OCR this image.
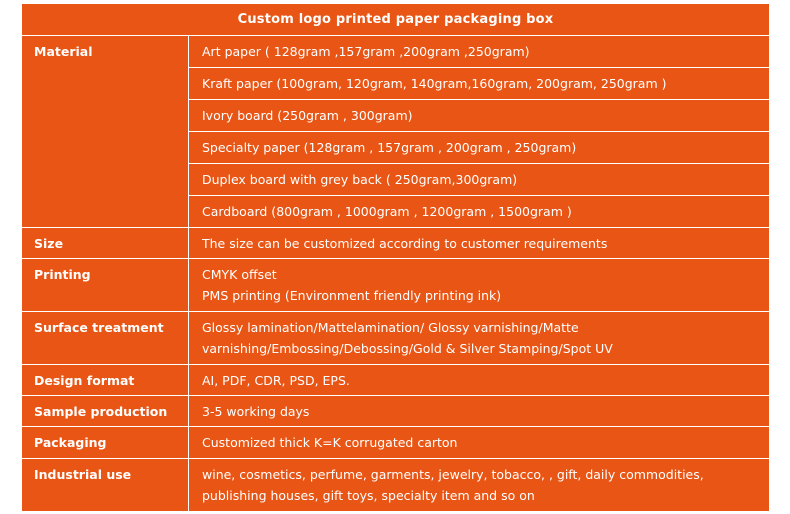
Custom logo printed paper packaging box	
Material	Art paper ( 128gram ,157gram ,200gram ,250gram)

	Kraft paper (100gram, 120gram, 140gram,160gram, 200gram, 250gram )

	Ivory board (250gram , 300gram)

	Specialty paper (128gram , 157gram , 200gram , 250gram)

	Duplex board with grey back ( 250gram,300gram)

	Cardboard (800gram , 1000gram , 1200gram , 1500gram )

Size	The size can be customized according to customer requirements

Printing	CMYK offset
PMS printing (Environment friendly printing ink)

Surface treatment	Glossy lamination/Mattelamination/ Glossy varnishing/Matte
varnishing/Embossing/Debossing/Gold & Silver Stamping/Spot UV

Design format	AI, PDF, CDR, PSD, EPS.

Sample production	3-5 working days

Packaging	Customized thick K=K corrugated carton

Industrial use	wine, cosmetics, perfume, garments, jewelry, tobacco, , gift, daily commodities,
publishing houses, gift toys, specialty item and so on
